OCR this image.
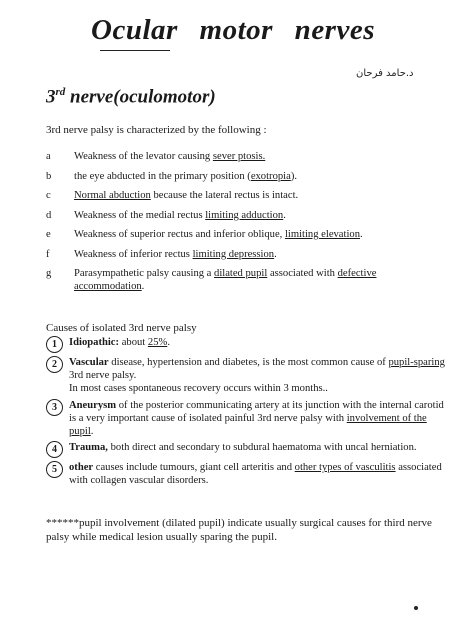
Ocular motor nerves
د.حامد فرحان
3rd nerve(oculomotor)
3rd nerve palsy is characterized by the following :
a	Weakness of the levator causing sever ptosis.
b	the eye abducted in the primary position (exotropia).
c	Normal abduction because the lateral rectus is intact.
d	Weakness of the medial rectus limiting adduction.
e	Weakness of superior rectus and inferior oblique, limiting elevation.
f	Weakness of inferior rectus limiting depression.
g	Parasympathetic palsy causing a dilated pupil associated with defective accommodation.
Causes of isolated 3rd nerve palsy
1	Idiopathic: about 25%.
2	Vascular disease, hypertension and diabetes, is the most common cause of pupil-sparing 3rd nerve palsy.
In most cases spontaneous recovery occurs within 3 months..
3	Aneurysm of the posterior communicating artery at its junction with the internal carotid is a very important cause of isolated painful 3rd nerve palsy with involvement of the pupil.
4	Trauma, both direct and secondary to subdural haematoma with uncal herniation.
5	other causes include tumours, giant cell arteritis and other types of vasculitis associated with collagen vascular disorders.
******pupil involvement (dilated pupil) indicate usually surgical causes for third nerve palsy while medical lesion usually sparing the pupil.
